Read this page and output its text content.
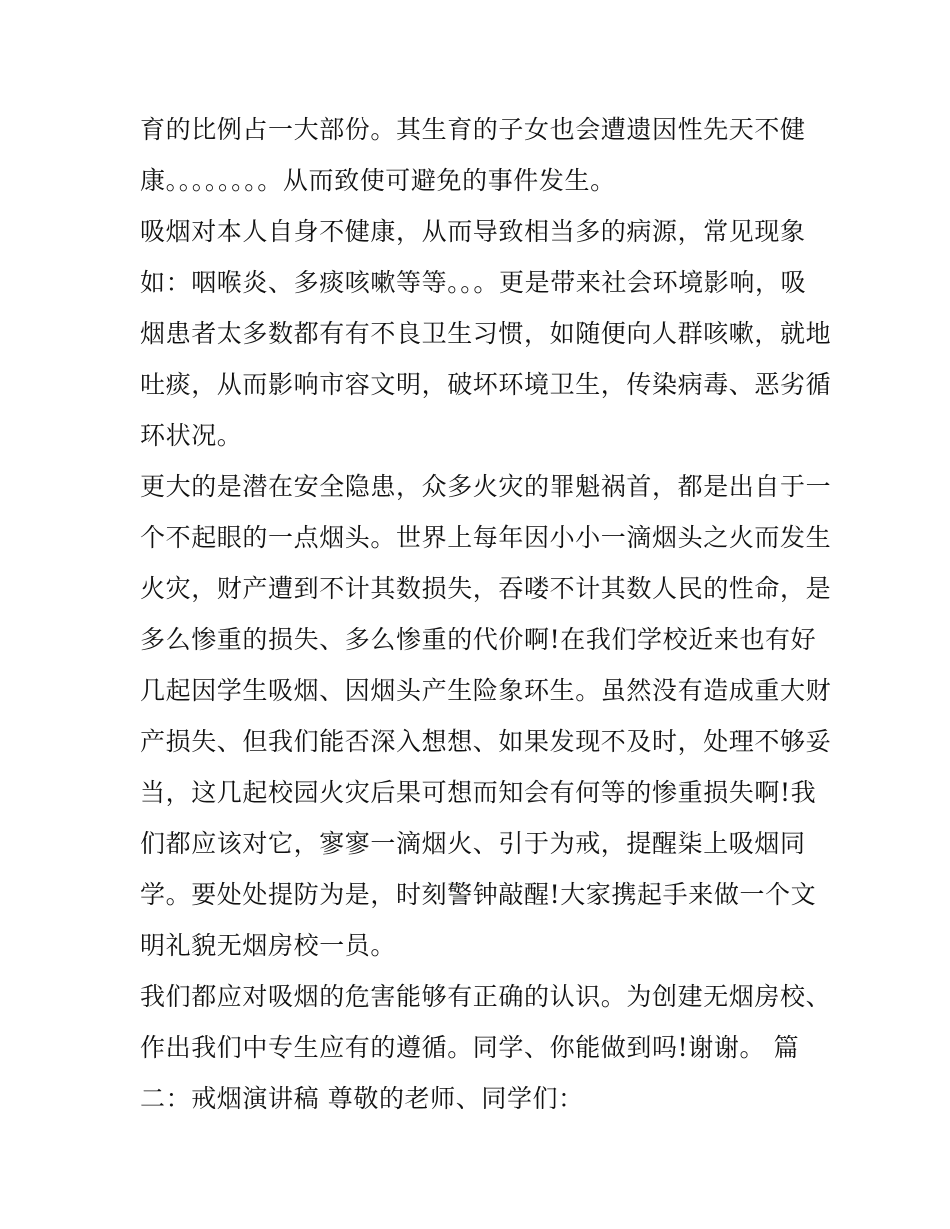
育的比例占一大部份。其生育的子女也会遭遗因性先天不健
康。。。。。。。。从而致使可避免的事件发生。
吸烟对本人自身不健康，从而导致相当多的病源，常见现象
如：咽喉炎、多痰咳嗽等等。。。更是带来社会环境影响，吸
烟患者太多数都有有不良卫生习惯，如随便向人群咳嗽，就地
吐痰，从而影响市容文明，破坏环境卫生，传染病毒、恶劣循
环状况。
更大的是潜在安全隐患，众多火灾的罪魁祸首，都是出自于一
个不起眼的一点烟头。世界上每年因小小一滴烟头之火而发生
火灾，财产遭到不计其数损失，吞喽不计其数人民的性命，是
多么惨重的损失、多么惨重的代价啊!在我们学校近来也有好
几起因学生吸烟、因烟头产生险象环生。虽然没有造成重大财
产损失、但我们能否深入想想、如果发现不及时，处理不够妥
当，这几起校园火灾后果可想而知会有何等的惨重损失啊!我
们都应该对它，寥寥一滴烟火、引于为戒，提醒柒上吸烟同
学。要处处提防为是，时刻警钟敲醒!大家携起手来做一个文
明礼貌无烟房校一员。
我们都应对吸烟的危害能够有正确的认识。为创建无烟房校、
作出我们中专生应有的遵循。同学、你能做到吗!谢谢。 篇
二：戒烟演讲稿 尊敬的老师、同学们：
